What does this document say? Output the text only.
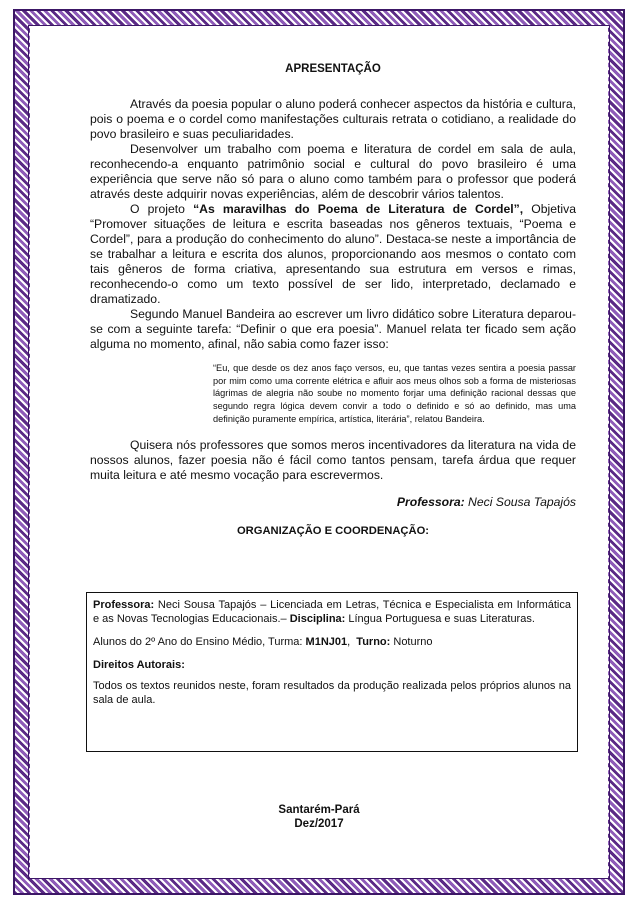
APRESENTAÇÃO

Através da poesia popular o aluno poderá conhecer aspectos da história e cultura, pois o poema e o cordel como manifestações culturais retrata o cotidiano, a realidade do povo brasileiro e suas peculiaridades.

Desenvolver um trabalho com poema e literatura de cordel em sala de aula, reconhecendo-a enquanto patrimônio social e cultural do povo brasileiro é uma experiência que serve não só para o aluno como também para o professor que poderá através deste adquirir novas experiências, além de descobrir vários talentos.

O projeto “As maravilhas do Poema de Literatura de Cordel”, Objetiva “Promover situações de leitura e escrita baseadas nos gêneros textuais, “Poema e Cordel”, para a produção do conhecimento do aluno”. Destaca-se neste a importância de se trabalhar a leitura e escrita dos alunos, proporcionando aos mesmos o contato com tais gêneros de forma criativa, apresentando sua estrutura em versos e rimas, reconhecendo-o como um texto possível de ser lido, interpretado, declamado e dramatizado.

Segundo Manuel Bandeira ao escrever um livro didático sobre Literatura deparou-se com a seguinte tarefa: “Definir o que era poesia”. Manuel relata ter ficado sem ação alguma no momento, afinal, não sabia como fazer isso:

“Eu, que desde os dez anos faço versos, eu, que tantas vezes sentira a poesia passar por mim como uma corrente elétrica e afluir aos meus olhos sob a forma de misteriosas lágrimas de alegria não soube no momento forjar uma definição racional dessas que segundo regra lógica devem convir a todo o definido e só ao definido, mas uma definição puramente empírica, artística, literária”, relatou Bandeira.

Quisera nós professores que somos meros incentivadores da literatura na vida de nossos alunos, fazer poesia não é fácil como tantos pensam, tarefa árdua que requer muita leitura e até mesmo vocação para escrevermos.

Professora: Neci Sousa Tapajós

ORGANIZAÇÃO E COORDENAÇÃO:

Professora: Neci Sousa Tapajós – Licenciada em Letras, Técnica e Especialista em Informática e as Novas Tecnologias Educacionais.– Disciplina: Língua Portuguesa e suas Literaturas.

Alunos do 2º Ano do Ensino Médio, Turma: M1NJ01,  Turno: Noturno

Direitos Autorais:

Todos os textos reunidos neste, foram resultados da produção realizada pelos próprios alunos na sala de aula.

Santarém-Pará
Dez/2017
